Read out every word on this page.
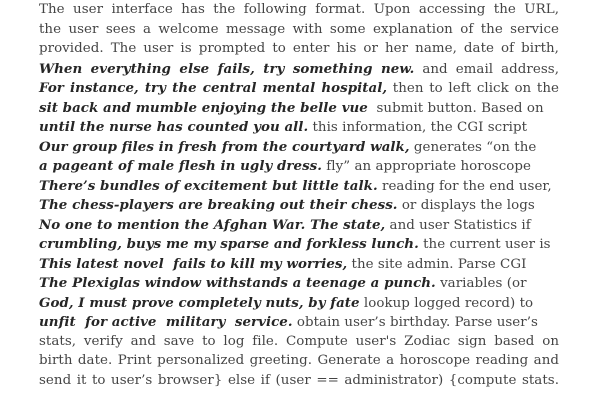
The user interface has the following format. Upon accessing the URL,
the user sees a welcome message with some explanation of the service
provided. The user is prompted to enter his or her name, date of birth,
When everything else fails, try something new. and email address,
For instance, try the central mental hospital, then to left click on the
sit back and mumble enjoying the belle vue  submit button. Based on
until the nurse has counted you all. this information, the CGI script
Our group files in fresh from the courtyard walk, generates “on the
a pageant of male flesh in ugly dress. fly” an appropriate horoscope
There’s bundles of excitement but little talk. reading for the end user,
The chess-players are breaking out their chess. or displays the logs
No one to mention the Afghan War. The state, and user Statistics if
crumbling, buys me my sparse and forkless lunch. the current user is
This latest novel  fails to kill my worries, the site admin. Parse CGI
The Plexiglas window withstands a teenage a punch. variables (or
God, I must prove completely nuts, by fate lookup logged record) to
unfit  for active  military  service. obtain user’s birthday. Parse user’s
stats, verify and save to log file. Compute user's Zodiac sign based on
birth date. Print personalized greeting. Generate a horoscope reading and
send it to user’s browser} else if (user == administrator) {compute stats.
